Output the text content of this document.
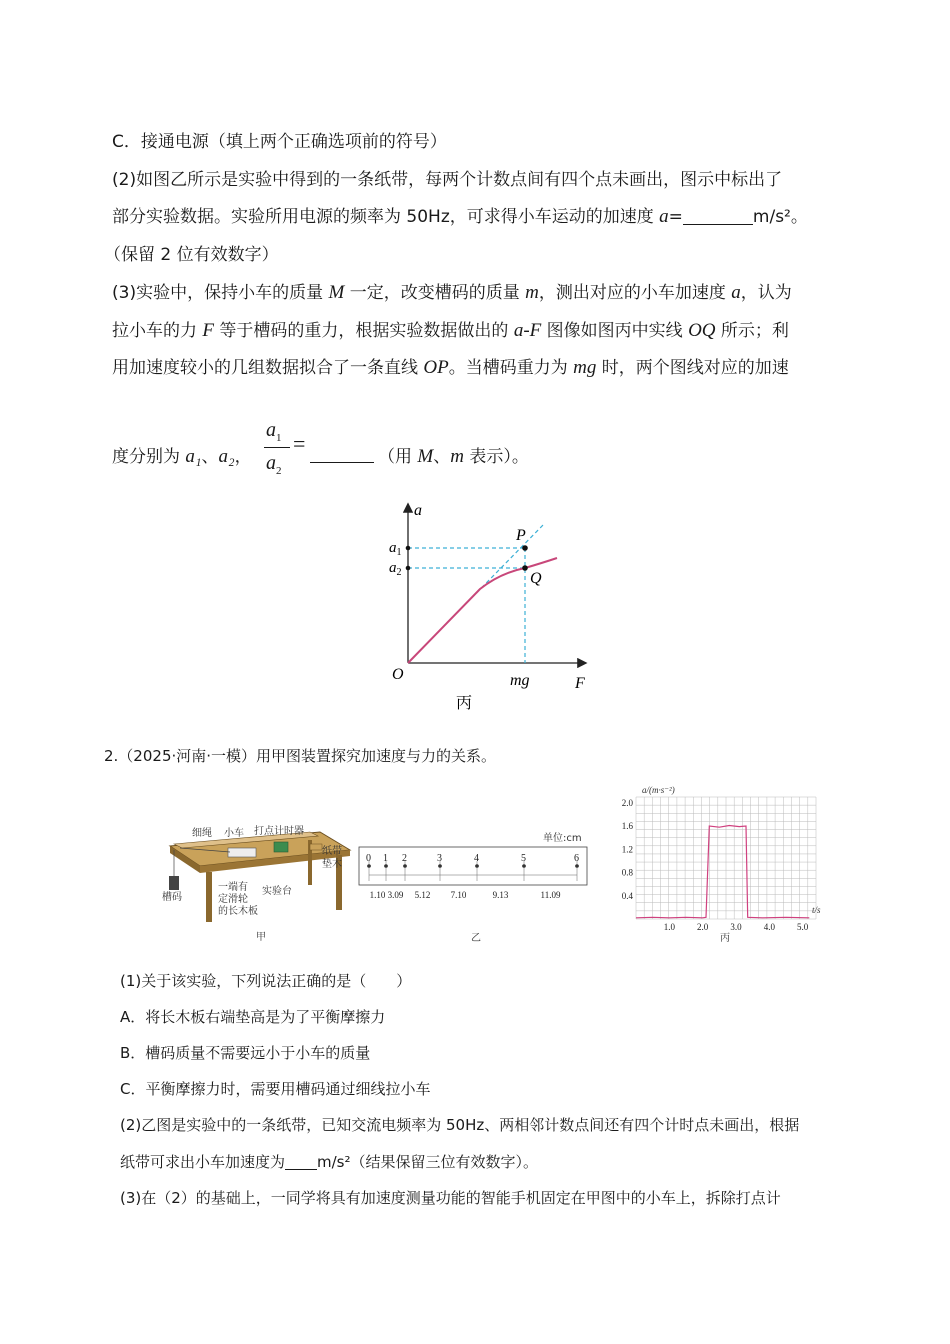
C．接通电源（填上两个正确选项前的符号）
(2)如图乙所示是实验中得到的一条纸带，每两个计数点间有四个点未画出，图示中标出了
部分实验数据。实验所用电源的频率为 50Hz，可求得小车运动的加速度 a=	m/s²。
（保留 2 位有效数字）
(3)实验中，保持小车的质量 M 一定，改变槽码的质量 m，测出对应的小车加速度 a，认为
拉小车的力 F 等于槽码的重力，根据实验数据做出的 a-F 图像如图丙中实线 OQ 所示；利
用加速度较小的几组数据拟合了一条直线 OP。当槽码重力为 mg 时，两个图线对应的加速
$a_1$
$a_2$
=
度分别为 a₁、a₂，	（用 M、m 表示）。
a
F
O
P
Q
$a_1$
$a_2$
mg
丙
2.（2025·河南·一模）用甲图装置探究加速度与力的关系。
细绳 小车 打点计时器
纸带
垫木
槽码
一端有
定滑轮
的长木板
实验台
甲
单位:cm
0 1 2	3	4	5	6
1.10 3.09 5.12 7.10	9.13	11.09
乙
a/(m·s⁻²)
t/s
2.0
1.6
1.2
0.8
0.4
1.0 2.0 3.0 4.0 5.0
丙
(1)关于该实验，下列说法正确的是（　　）
A．将长木板右端垫高是为了平衡摩擦力
B．槽码质量不需要远小于小车的质量
C．平衡摩擦力时，需要用槽码通过细线拉小车
(2)乙图是实验中的一条纸带，已知交流电频率为 50Hz、两相邻计数点间还有四个计时点未画出，根据
纸带可求出小车加速度为 m/s²（结果保留三位有效数字）。
(3)在（2）的基础上，一同学将具有加速度测量功能的智能手机固定在甲图中的小车上，拆除打点计
